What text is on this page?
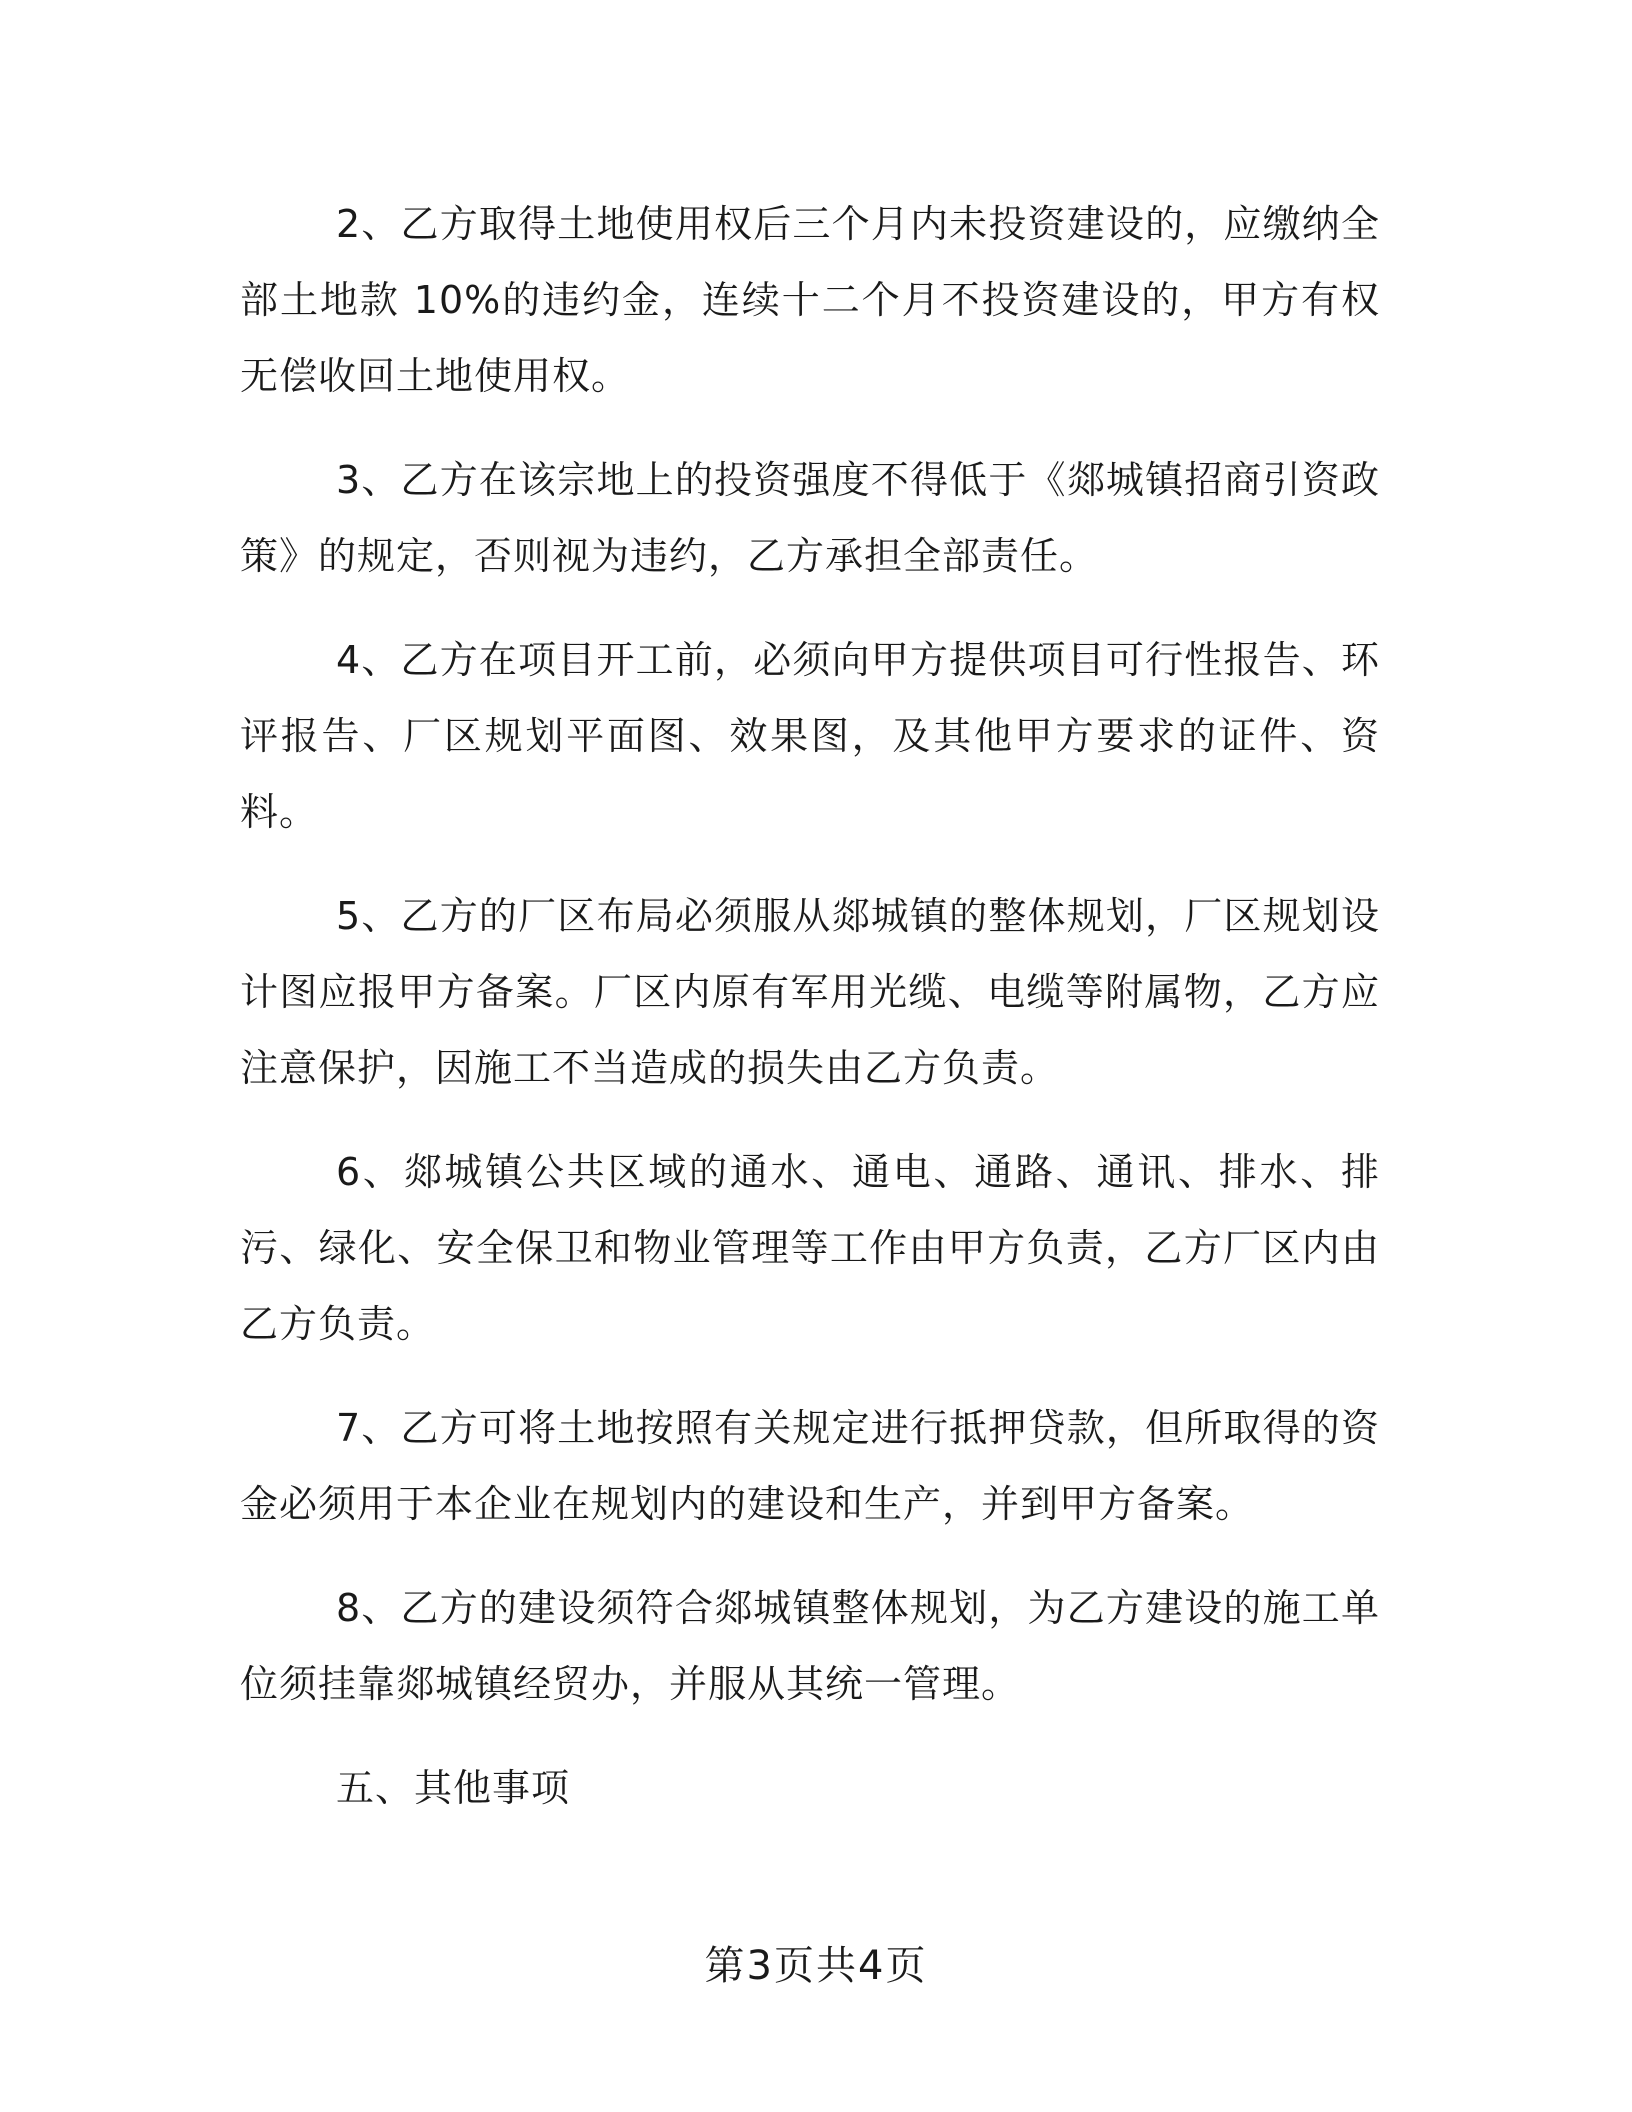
2、乙方取得土地使用权后三个月内未投资建设的，应缴纳全部土地款 10%的违约金，连续十二个月不投资建设的，甲方有权无偿收回土地使用权。

3、乙方在该宗地上的投资强度不得低于《郯城镇招商引资政策》的规定，否则视为违约，乙方承担全部责任。

4、乙方在项目开工前，必须向甲方提供项目可行性报告、环评报告、厂区规划平面图、效果图，及其他甲方要求的证件、资料。

5、乙方的厂区布局必须服从郯城镇的整体规划，厂区规划设计图应报甲方备案。厂区内原有军用光缆、电缆等附属物，乙方应注意保护，因施工不当造成的损失由乙方负责。

6、郯城镇公共区域的通水、通电、通路、通讯、排水、排污、绿化、安全保卫和物业管理等工作由甲方负责，乙方厂区内由乙方负责。

7、乙方可将土地按照有关规定进行抵押贷款，但所取得的资金必须用于本企业在规划内的建设和生产，并到甲方备案。

8、乙方的建设须符合郯城镇整体规划，为乙方建设的施工单位须挂靠郯城镇经贸办，并服从其统一管理。

五、其他事项

第3页共4页
